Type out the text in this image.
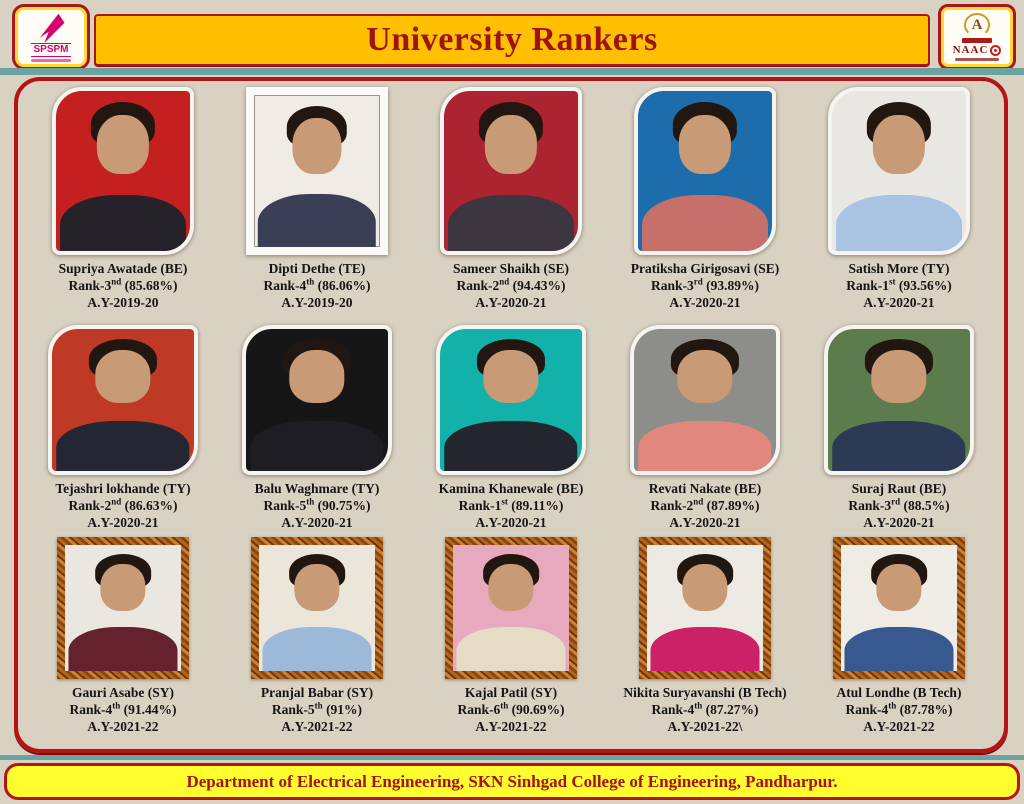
SPSPM	University Rankers	A
NAAC
Supriya Awatade (BE)
Rank-3nd (85.68%)
A.Y-2019-20
Dipti Dethe (TE)
Rank-4th (86.06%)
A.Y-2019-20
Sameer Shaikh (SE)
Rank-2nd (94.43%)
A.Y-2020-21
Pratiksha Girigosavi (SE)
Rank-3rd (93.89%)
A.Y-2020-21
Satish More (TY)
Rank-1st (93.56%)
A.Y-2020-21
Tejashri lokhande (TY)
Rank-2nd (86.63%)
A.Y-2020-21
Balu Waghmare (TY)
Rank-5th (90.75%)
A.Y-2020-21
Kamina Khanewale (BE)
Rank-1st (89.11%)
A.Y-2020-21
Revati Nakate (BE)
Rank-2nd (87.89%)
A.Y-2020-21
Suraj Raut (BE)
Rank-3rd (88.5%)
A.Y-2020-21
Gauri Asabe (SY)
Rank-4th (91.44%)
A.Y-2021-22
Pranjal Babar (SY)
Rank-5th (91%)
A.Y-2021-22
Kajal Patil (SY)
Rank-6th (90.69%)
A.Y-2021-22
Nikita Suryavanshi (B Tech)
Rank-4th (87.27%)
A.Y-2021-22\
Atul Londhe (B Tech)
Rank-4th (87.78%)
A.Y-2021-22
Department of Electrical Engineering, SKN Sinhgad College of Engineering, Pandharpur.
